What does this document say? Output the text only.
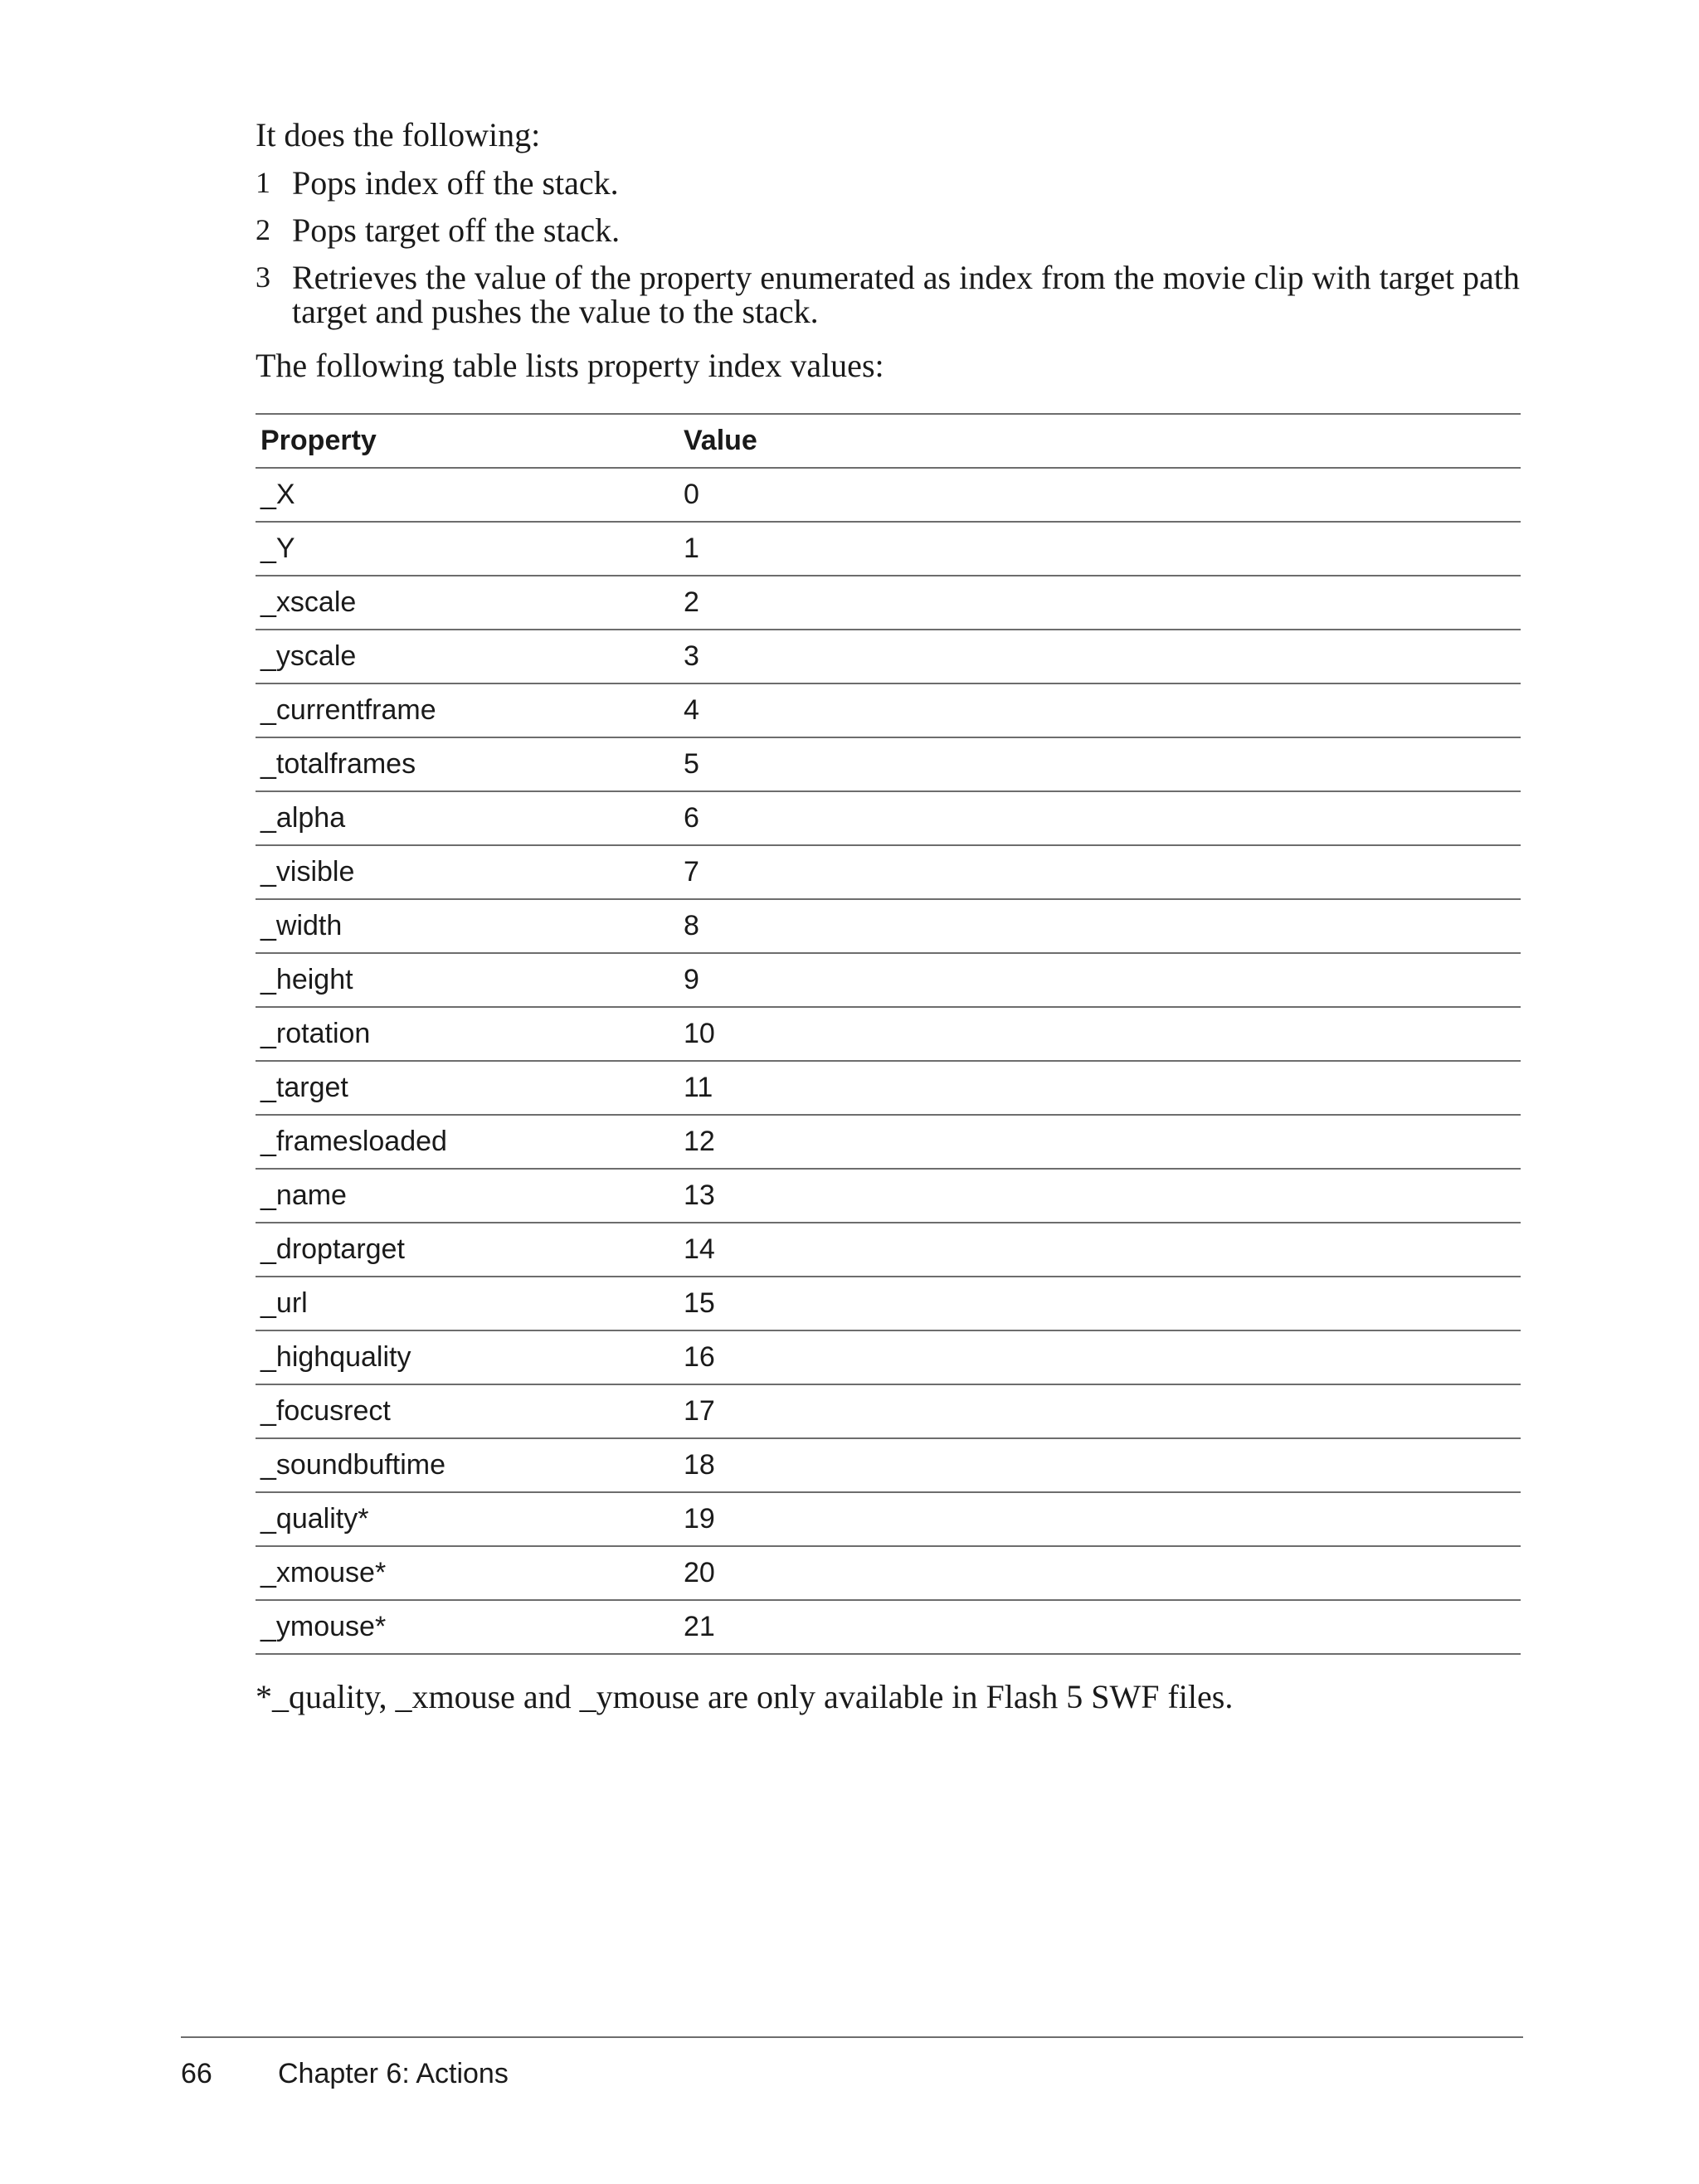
It does the following:

1 Pops index off the stack.
2 Pops target off the stack.
3 Retrieves the value of the property enumerated as index from the movie clip with target path target and pushes the value to the stack.

The following table lists property index values:

Property	Value
_X	0
_Y	1
_xscale	2
_yscale	3
_currentframe	4
_totalframes	5
_alpha	6
_visible	7
_width	8
_height	9
_rotation	10
_target	11
_framesloaded	12
_name	13
_droptarget	14
_url	15
_highquality	16
_focusrect	17
_soundbuftime	18
_quality*	19
_xmouse*	20
_ymouse*	21

*_quality, _xmouse and _ymouse are only available in Flash 5 SWF files.

66 Chapter 6: Actions
